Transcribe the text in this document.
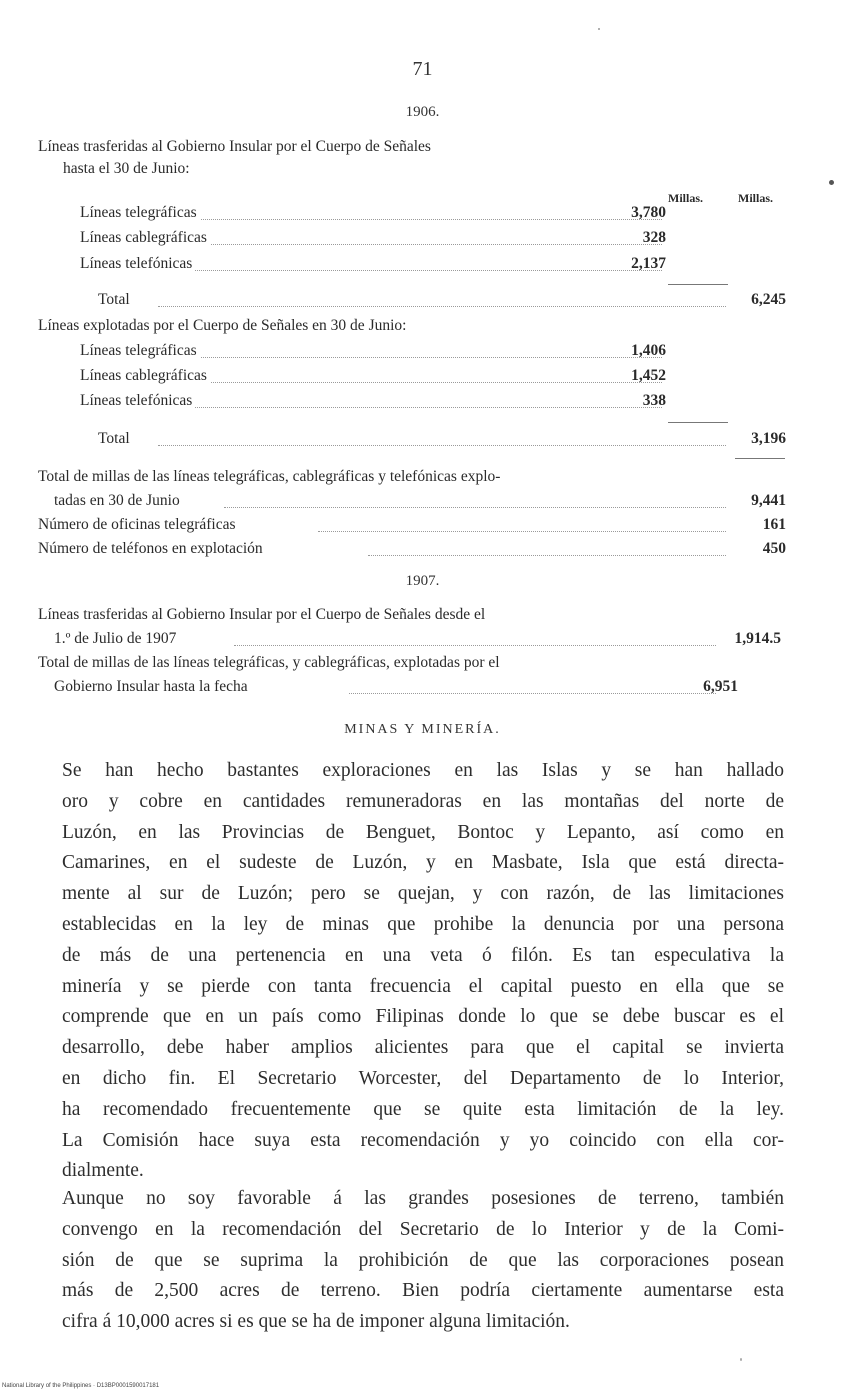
71
1906.
Líneas trasferidas al Gobierno Insular por el Cuerpo de Señales
hasta el 30 de Junio:
Millas.	Millas.
Líneas telegráficas	3,780
Líneas cablegráficas	328
Líneas telefónicas	2,137
Total	6,245
Líneas explotadas por el Cuerpo de Señales en 30 de Junio:
Líneas telegráficas	1,406
Líneas cablegráficas	1,452
Líneas telefónicas	338
Total	3,196
Total de millas de las líneas telegráficas, cablegráficas y telefónicas explo-
tadas en 30 de Junio	9,441
Número de oficinas telegráficas	161
Número de teléfonos en explotación	450
1907.
Líneas trasferidas al Gobierno Insular por el Cuerpo de Señales desde el
1.º de Julio de 1907	1,914.5
Total de millas de las líneas telegráficas, y cablegráficas, explotadas por el
Gobierno Insular hasta la fecha	6,951
MINAS Y MINERÍA.
Se han hecho bastantes exploraciones en las Islas y se han hallado
oro y cobre en cantidades remuneradoras en las montañas del norte de
Luzón, en las Provincias de Benguet, Bontoc y Lepanto, así como en
Camarines, en el sudeste de Luzón, y en Masbate, Isla que está directa-
mente al sur de Luzón; pero se quejan, y con razón, de las limitaciones
establecidas en la ley de minas que prohibe la denuncia por una persona
de más de una pertenencia en una veta ó filón. Es tan especulativa la
minería y se pierde con tanta frecuencia el capital puesto en ella que se
comprende que en un país como Filipinas donde lo que se debe buscar es el
desarrollo, debe haber amplios alicientes para que el capital se invierta
en dicho fin. El Secretario Worcester, del Departamento de lo Interior,
ha recomendado frecuentemente que se quite esta limitación de la ley.
La Comisión hace suya esta recomendación y yo coincido con ella cor-
dialmente.
Aunque no soy favorable á las grandes posesiones de terreno, también
convengo en la recomendación del Secretario de lo Interior y de la Comi-
sión de que se suprima la prohibición de que las corporaciones posean
más de 2,500 acres de terreno. Bien podría ciertamente aumentarse esta
cifra á 10,000 acres si es que se ha de imponer alguna limitación.
National Library of the Philippines · D13BP0001590017181
